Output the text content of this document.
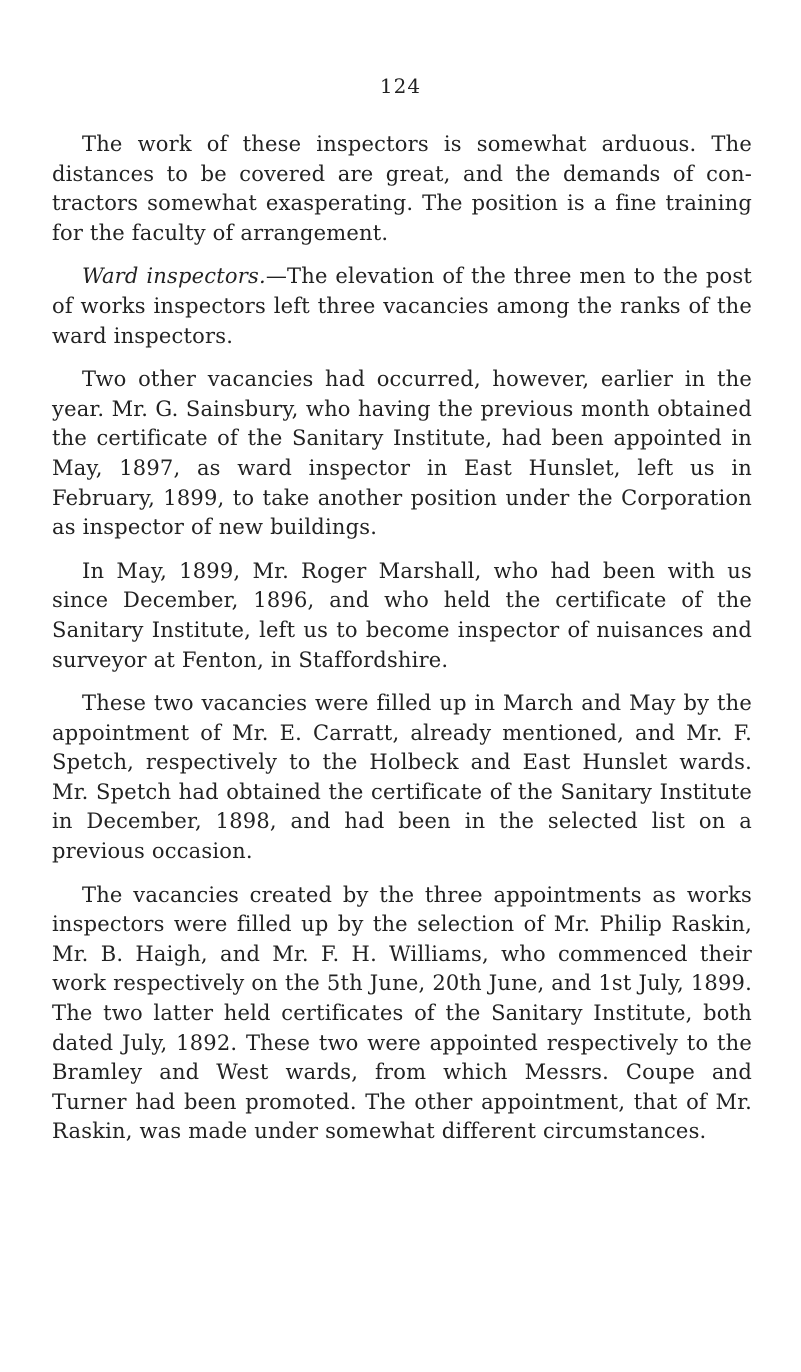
124

The work of these inspectors is somewhat arduous. The distances to be covered are great, and the demands of con-tractors somewhat exasperating. The position is a fine training for the faculty of arrangement.

Ward inspectors.—The elevation of the three men to the post of works inspectors left three vacancies among the ranks of the ward inspectors.

Two other vacancies had occurred, however, earlier in the year. Mr. G. Sainsbury, who having the previous month obtained the certificate of the Sanitary Institute, had been appointed in May, 1897, as ward inspector in East Hunslet, left us in February, 1899, to take another position under the Corporation as inspector of new buildings.

In May, 1899, Mr. Roger Marshall, who had been with us since December, 1896, and who held the certificate of the Sanitary Institute, left us to become inspector of nuisances and surveyor at Fenton, in Staffordshire.

These two vacancies were filled up in March and May by the appointment of Mr. E. Carratt, already mentioned, and Mr. F. Spetch, respectively to the Holbeck and East Hunslet wards. Mr. Spetch had obtained the certificate of the Sanitary Institute in December, 1898, and had been in the selected list on a previous occasion.

The vacancies created by the three appointments as works inspectors were filled up by the selection of Mr. Philip Raskin, Mr. B. Haigh, and Mr. F. H. Williams, who commenced their work respectively on the 5th June, 20th June, and 1st July, 1899. The two latter held certificates of the Sanitary Institute, both dated July, 1892. These two were appointed respectively to the Bramley and West wards, from which Messrs. Coupe and Turner had been promoted. The other appointment, that of Mr. Raskin, was made under somewhat different circumstances.
